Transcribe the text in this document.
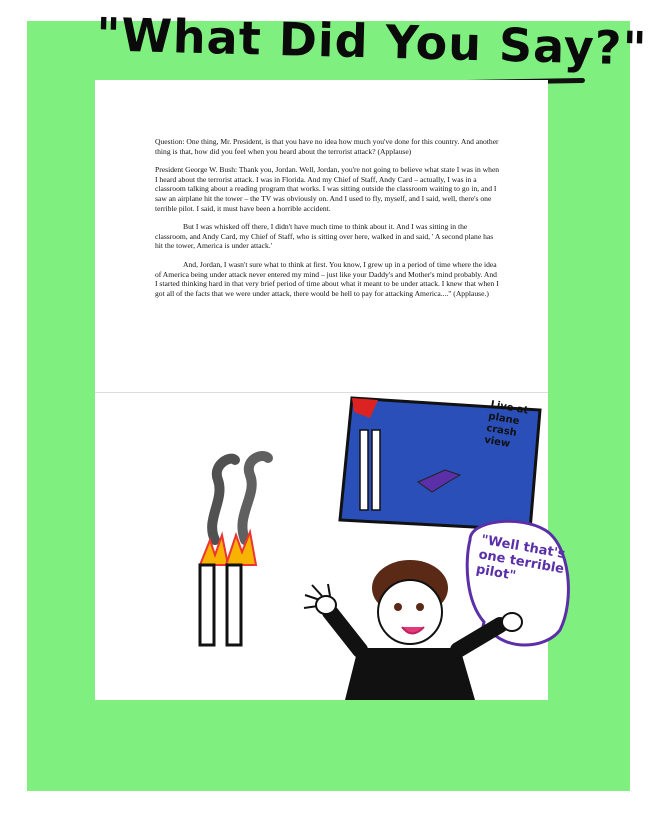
"What Did You Say?"

Question: One thing, Mr. President, is that you have no idea how much you've done for this country. And another thing is that, how did you feel when you heard about the terrorist attack? (Applause)

President George W. Bush: Thank you, Jordan. Well, Jordan, you're not going to believe what state I was in when I heard about the terrorist attack. I was in Florida. And my Chief of Staff, Andy Card – actually, I was in a classroom talking about a reading program that works. I was sitting outside the classroom waiting to go in, and I saw an airplane hit the tower – the TV was obviously on. And I used to fly, myself, and I said, well, there's one terrible pilot. I said, it must have been a horrible accident.

But I was whisked off there, I didn't have much time to think about it. And I was sitting in the classroom, and Andy Card, my Chief of Staff, who is sitting over here, walked in and said, ' A second plane has hit the tower, America is under attack.'

And, Jordan, I wasn't sure what to think at first. You know, I grew up in a period of time where the idea of America being under attack never entered my mind – just like your Daddy's and Mother's mind probably. And I started thinking hard in that very brief period of time about what it meant to be under attack. I knew that when I got all of the facts that we were under attack, there would be hell to pay for attacking America...." (Applause.)

Live at plane crash view
"Well that's one terrible pilot"
